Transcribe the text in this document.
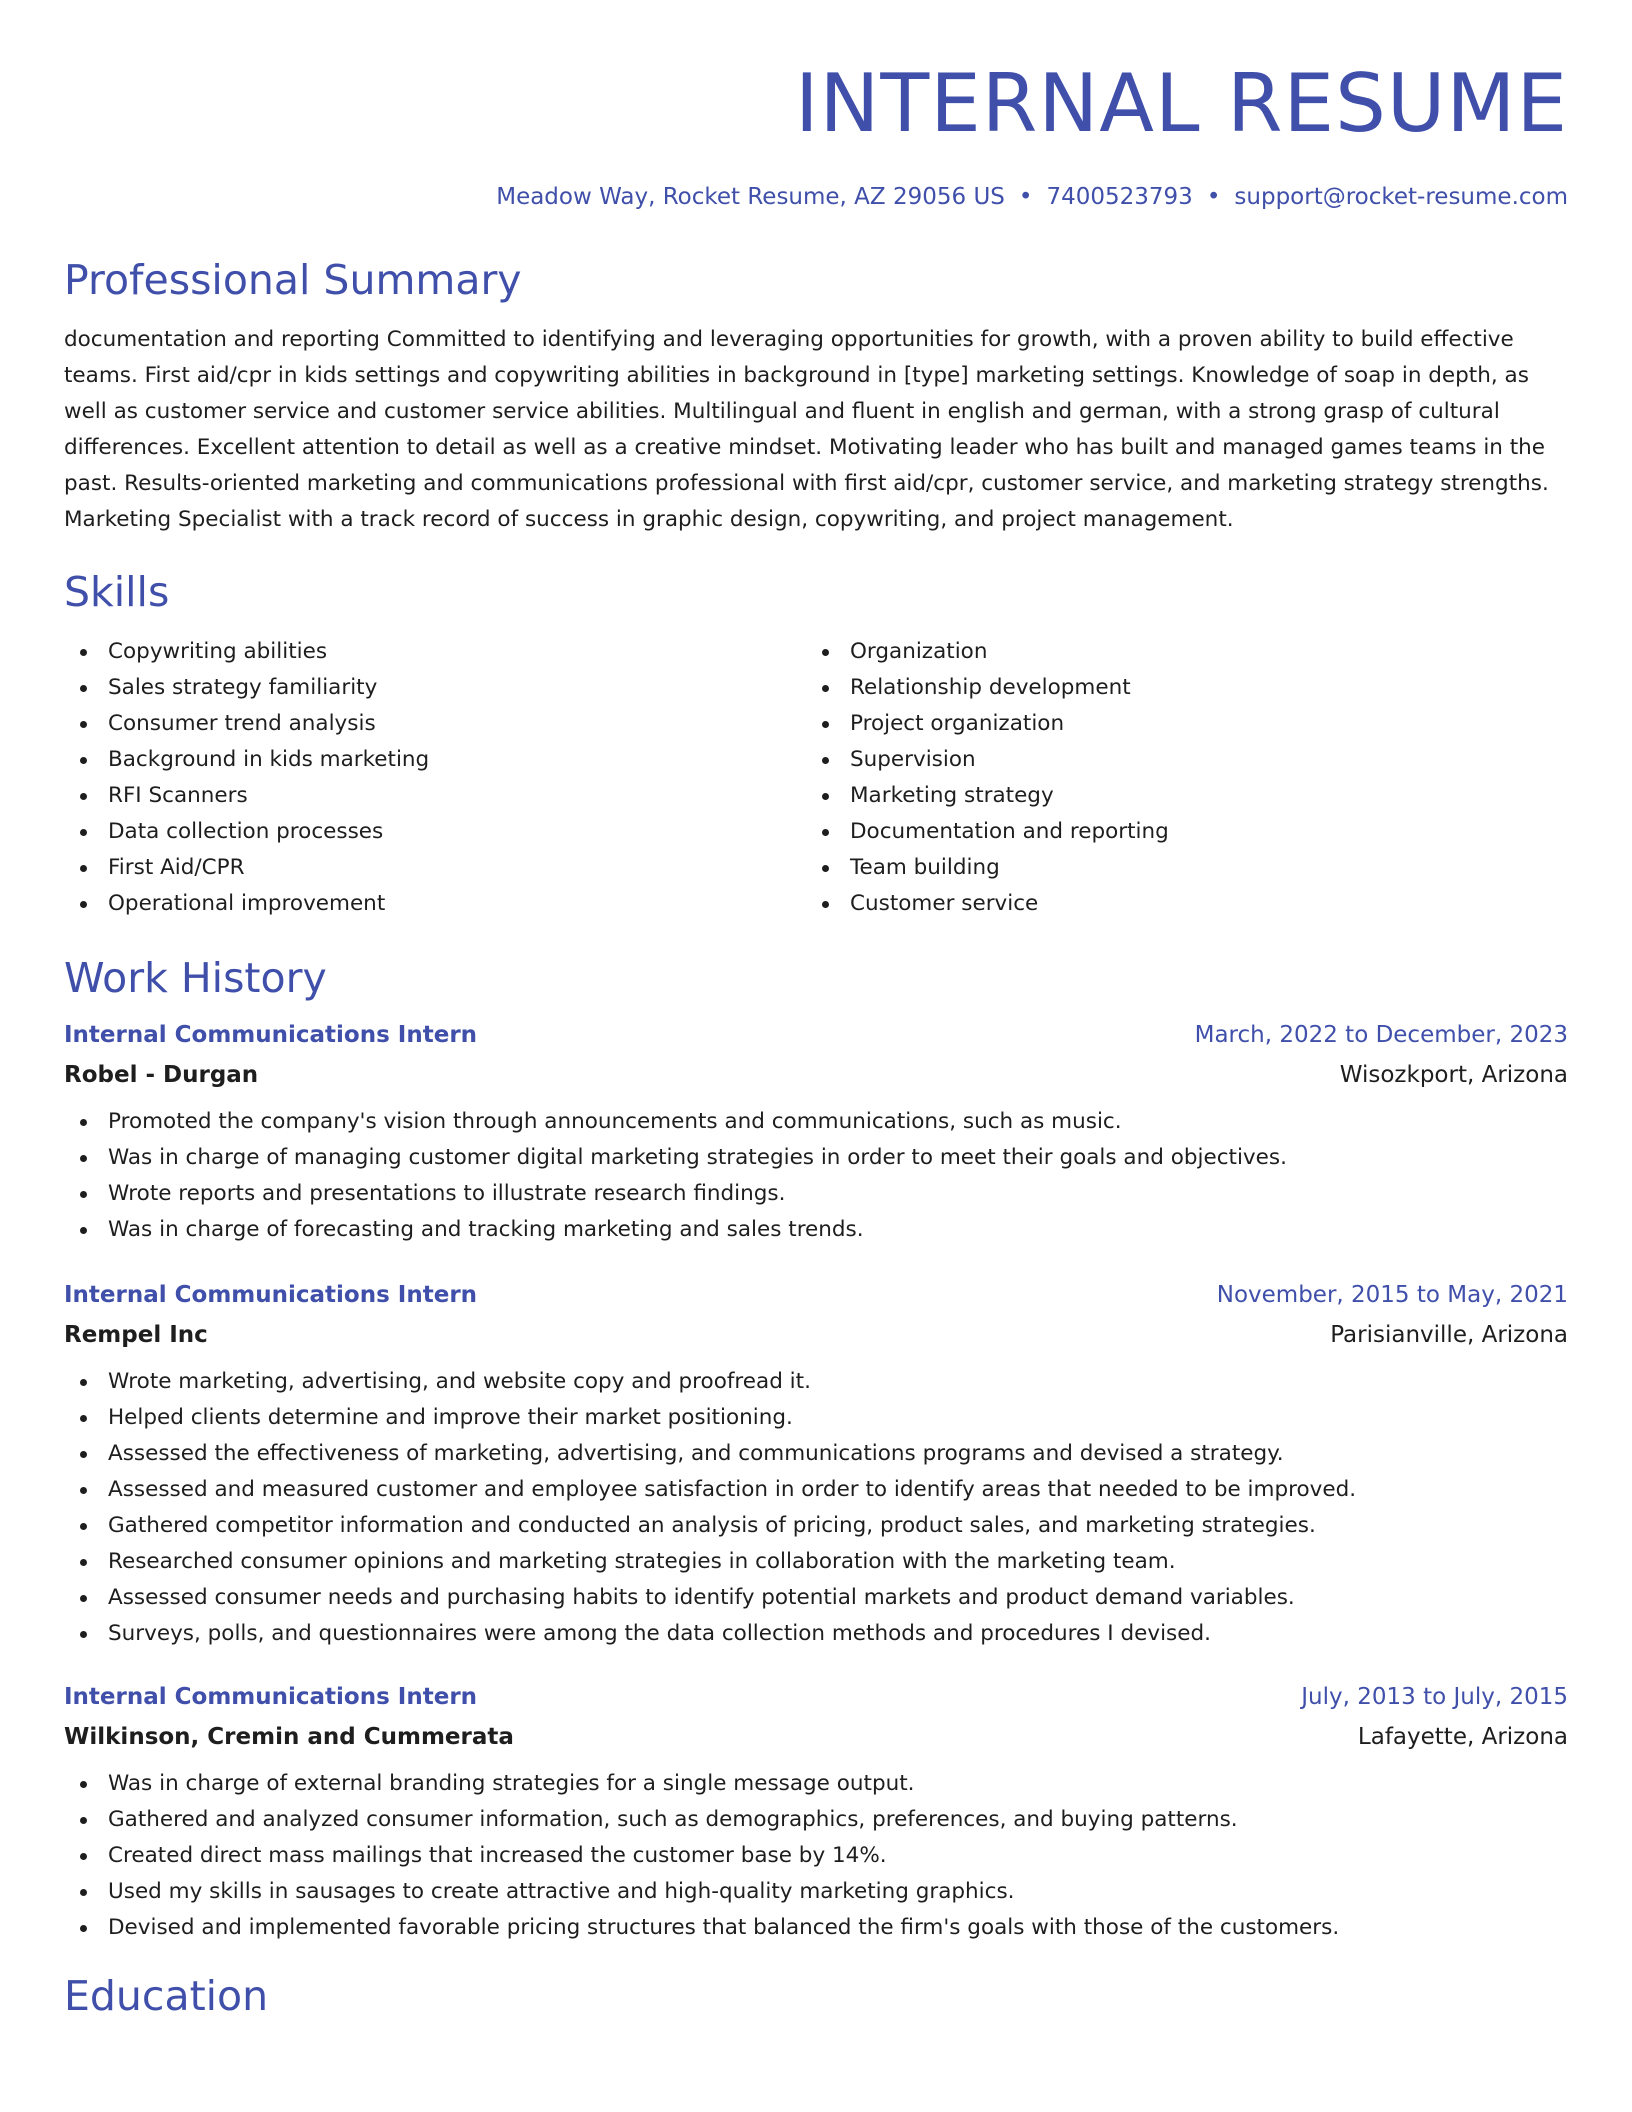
INTERNAL RESUME
Meadow Way, Rocket Resume, AZ 29056 US • 7400523793 • support@rocket-resume.com
Professional Summary
documentation and reporting Committed to identifying and leveraging opportunities for growth, with a proven ability to build effective teams. First aid/cpr in kids settings and copywriting abilities in background in [type] marketing settings. Knowledge of soap in depth, as well as customer service and customer service abilities. Multilingual and fluent in english and german, with a strong grasp of cultural differences. Excellent attention to detail as well as a creative mindset. Motivating leader who has built and managed games teams in the past. Results-oriented marketing and communications professional with first aid/cpr, customer service, and marketing strategy strengths. Marketing Specialist with a track record of success in graphic design, copywriting, and project management.
Skills
Copywriting abilities
Sales strategy familiarity
Consumer trend analysis
Background in kids marketing
RFI Scanners
Data collection processes
First Aid/CPR
Operational improvement
Organization
Relationship development
Project organization
Supervision
Marketing strategy
Documentation and reporting
Team building
Customer service
Work History
Internal Communications Intern	March, 2022 to December, 2023
Robel - Durgan	Wisozkport, Arizona
Promoted the company's vision through announcements and communications, such as music.
Was in charge of managing customer digital marketing strategies in order to meet their goals and objectives.
Wrote reports and presentations to illustrate research findings.
Was in charge of forecasting and tracking marketing and sales trends.
Internal Communications Intern	November, 2015 to May, 2021
Rempel Inc	Parisianville, Arizona
Wrote marketing, advertising, and website copy and proofread it.
Helped clients determine and improve their market positioning.
Assessed the effectiveness of marketing, advertising, and communications programs and devised a strategy.
Assessed and measured customer and employee satisfaction in order to identify areas that needed to be improved.
Gathered competitor information and conducted an analysis of pricing, product sales, and marketing strategies.
Researched consumer opinions and marketing strategies in collaboration with the marketing team.
Assessed consumer needs and purchasing habits to identify potential markets and product demand variables.
Surveys, polls, and questionnaires were among the data collection methods and procedures I devised.
Internal Communications Intern	July, 2013 to July, 2015
Wilkinson, Cremin and Cummerata	Lafayette, Arizona
Was in charge of external branding strategies for a single message output.
Gathered and analyzed consumer information, such as demographics, preferences, and buying patterns.
Created direct mass mailings that increased the customer base by 14%.
Used my skills in sausages to create attractive and high-quality marketing graphics.
Devised and implemented favorable pricing structures that balanced the firm's goals with those of the customers.
Education
